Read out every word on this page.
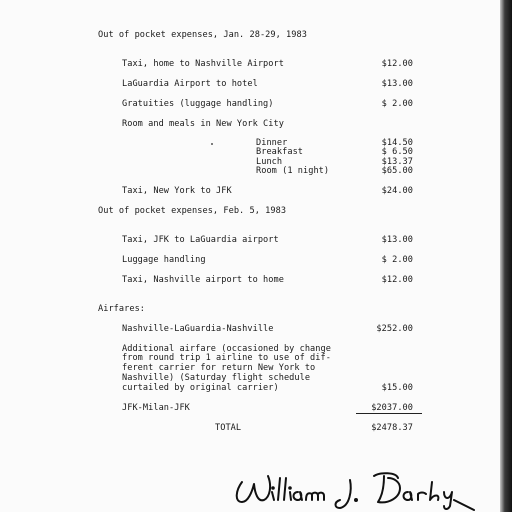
Out of pocket expenses, Jan. 28-29, 1983
Taxi, home to Nashville Airport	$12.00
LaGuardia Airport to hotel	$13.00
Gratuities (luggage handling)	$ 2.00
Room and meals in New York City
Dinner	$14.50
Breakfast	$ 6.50
Lunch	$13.37
Room (1 night)	$65.00
Taxi, New York to JFK	$24.00
Out of pocket expenses, Feb. 5, 1983
Taxi, JFK to LaGuardia airport	$13.00
Luggage handling	$ 2.00
Taxi, Nashville airport to home	$12.00
Airfares:
Nashville-LaGuardia-Nashville	$252.00
Additional airfare (occasioned by change
from round trip 1 airline to use of dif-
ferent carrier for return New York to
Nashville) (Saturday flight schedule
curtailed by original carrier)	$15.00
JFK-Milan-JFK	$2037.00
TOTAL	$2478.37
